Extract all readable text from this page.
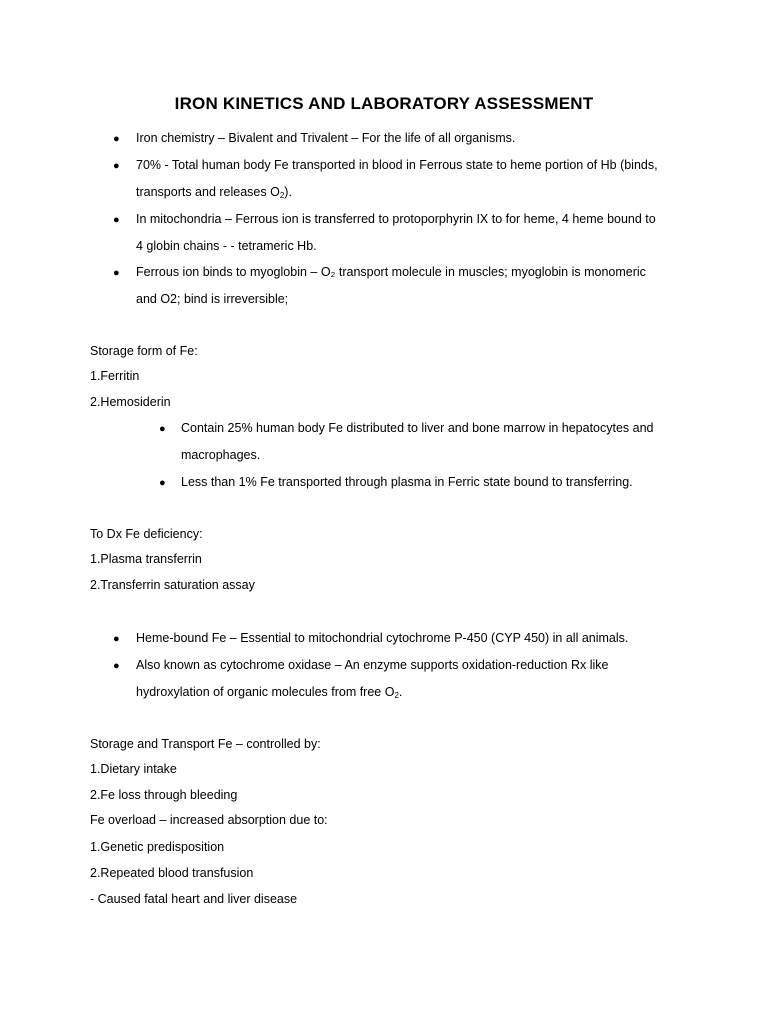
IRON KINETICS AND LABORATORY ASSESSMENT
● Iron chemistry – Bivalent and Trivalent – For the life of all organisms.
● 70% - Total human body Fe transported in blood in Ferrous state to heme portion of Hb (binds,
transports and releases $O_2$).
● In mitochondria – Ferrous ion is transferred to protoporphyrin IX to for heme, 4 heme bound to
4 globin chains - - tetrameric Hb.
● Ferrous ion binds to myoglobin – O₂ transport molecule in muscles; myoglobin is monomeric
and O2; bind is irreversible;
Storage form of Fe:
1.Ferritin
2.Hemosiderin
● Contain 25% human body Fe distributed to liver and bone marrow in hepatocytes and
macrophages.
● Less than 1% Fe transported through plasma in Ferric state bound to transferring.
To Dx Fe deficiency:
1.Plasma transferrin
2.Transferrin saturation assay
● Heme-bound Fe – Essential to mitochondrial cytochrome P-450 (CYP 450) in all animals.
● Also known as cytochrome oxidase – An enzyme supports oxidation-reduction Rx like
hydroxylation of organic molecules from free $O_2$.
Storage and Transport Fe – controlled by:
1.Dietary intake
2.Fe loss through bleeding
Fe overload – increased absorption due to:
1.Genetic predisposition
2.Repeated blood transfusion
- Caused fatal heart and liver disease
